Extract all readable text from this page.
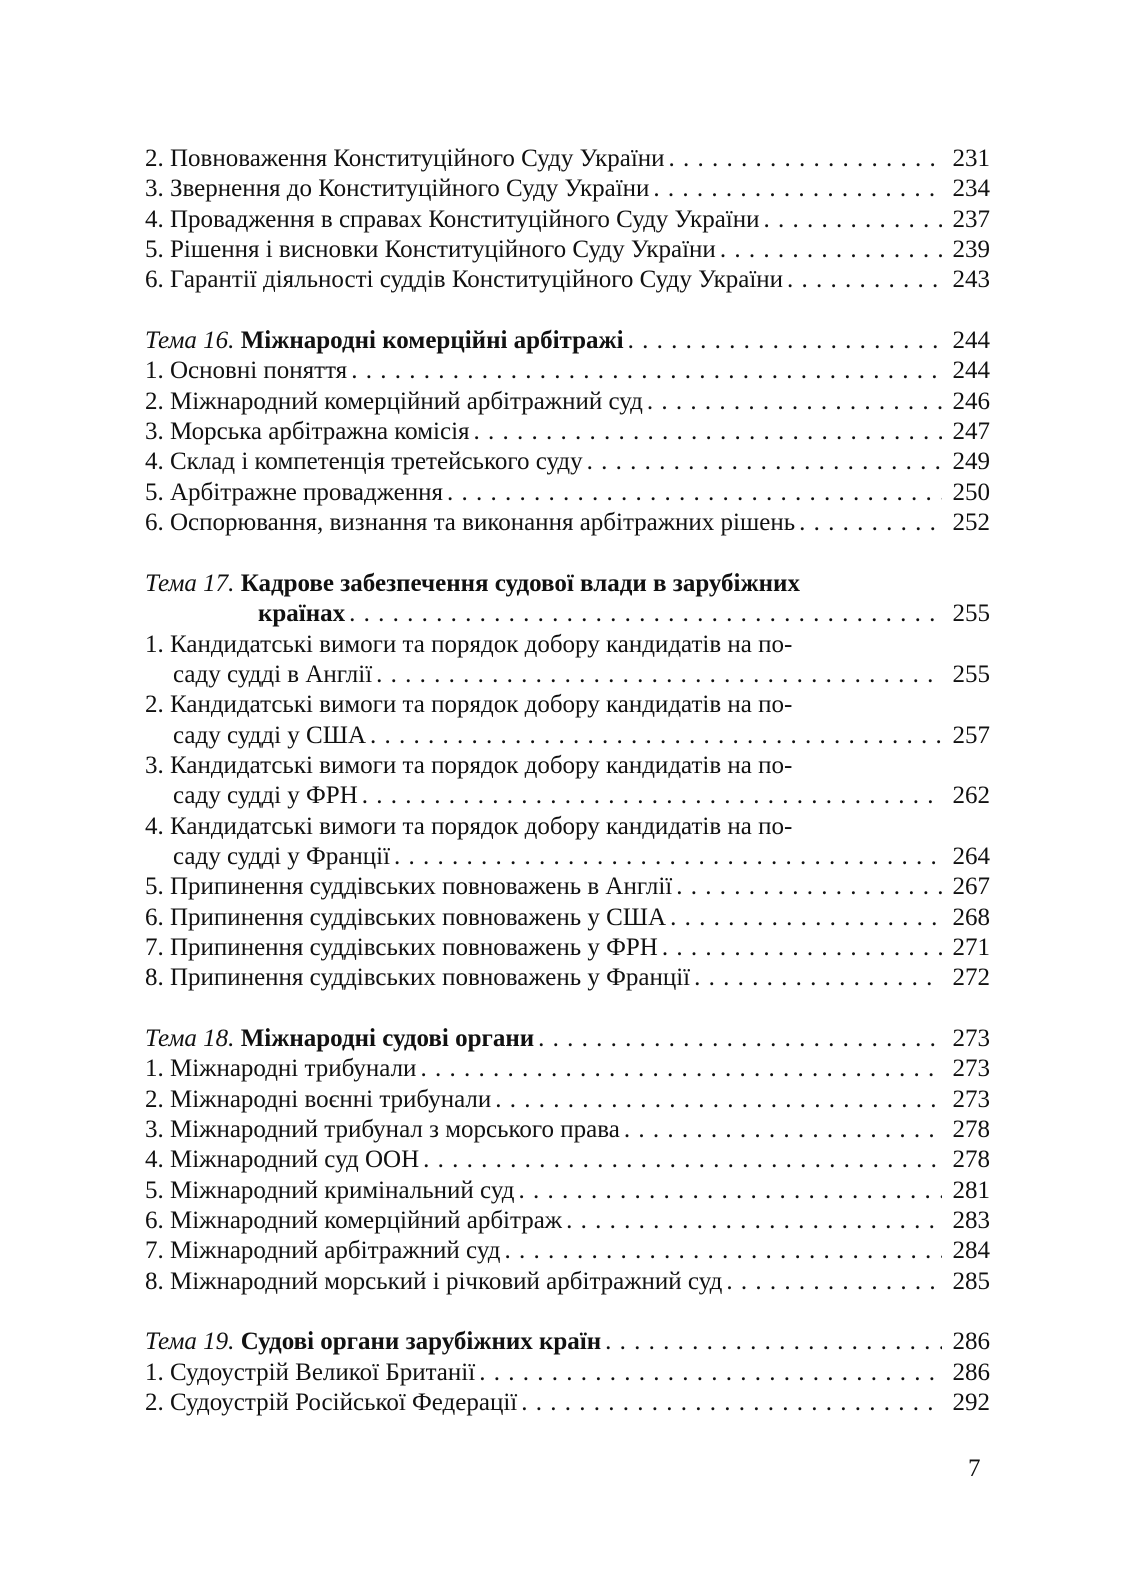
2. Повноваження Конституційного Суду України . . .	231
3. Звернення до Конституційного Суду України . . .	234
4. Провадження в справах Конституційного Суду України . . .	237
5. Рішення і висновки Конституційного Суду України . . .	239
6. Гарантії діяльності суддів Конституційного Суду України . . .	243
Тема 16. Міжнародні комерційні арбітражі . . .	244
1. Основні поняття . . .	244
2. Міжнародний комерційний арбітражний суд . . .	246
3. Морська арбітражна комісія . . .	247
4. Склад і компетенція третейського суду . . .	249
5. Арбітражне провадження . . .	250
6. Оспорювання, визнання та виконання арбітражних рішень . . .	252
Тема 17. Кадрове забезпечення судової влади в зарубіжних
країнах . . .	255
1. Кандидатські вимоги та порядок добору кандидатів на по-
саду судді в Англії . . .	255
2. Кандидатські вимоги та порядок добору кандидатів на по-
саду судді у США . . .	257
3. Кандидатські вимоги та порядок добору кандидатів на по-
саду судді у ФРН . . .	262
4. Кандидатські вимоги та порядок добору кандидатів на по-
саду судді у Франції . . .	264
5. Припинення суддівських повноважень в Англії . . .	267
6. Припинення суддівських повноважень у США . . .	268
7. Припинення суддівських повноважень у ФРН . . .	271
8. Припинення суддівських повноважень у Франції . . .	272
Тема 18. Міжнародні судові органи . . .	273
1. Міжнародні трибунали . . .	273
2. Міжнародні воєнні трибунали . . .	273
3. Міжнародний трибунал з морського права . . .	278
4. Міжнародний суд ООН . . .	278
5. Міжнародний кримінальний суд . . .	281
6. Міжнародний комерційний арбітраж . . .	283
7. Міжнародний арбітражний суд . . .	284
8. Міжнародний морський і річковий арбітражний суд . . .	285
Тема 19. Судові органи зарубіжних країн . . .	286
1. Судоустрій Великої Британії . . .	286
2. Судоустрій Російської Федерації . . .	292
7
